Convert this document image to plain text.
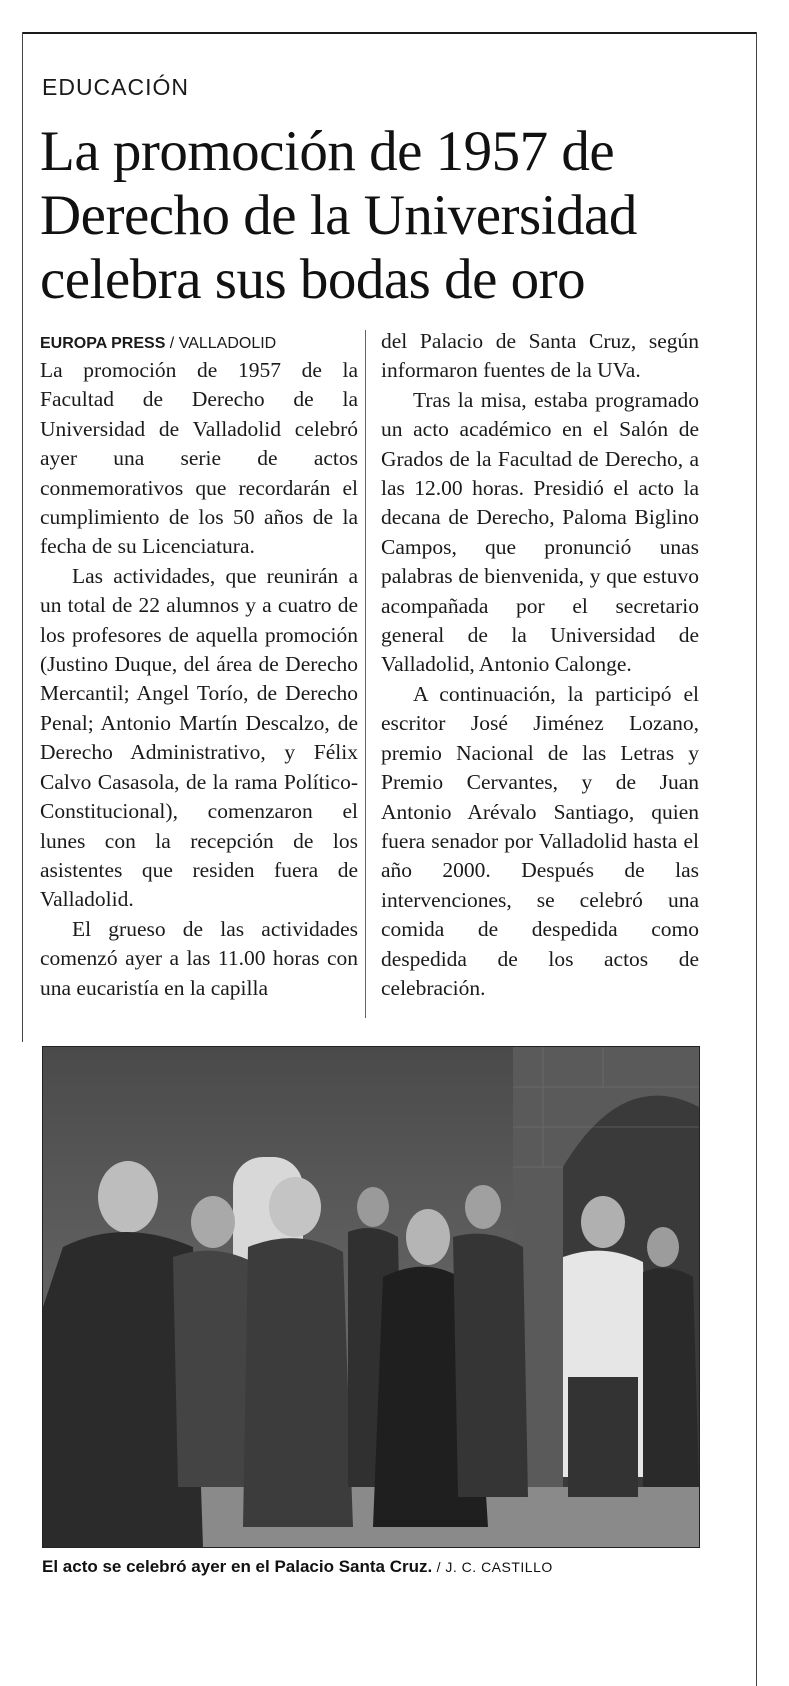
EDUCACIÓN
La promoción de 1957 de Derecho de la Universidad celebra sus bodas de oro
EUROPA PRESS / VALLADOLID

La promoción de 1957 de la Facultad de Derecho de la Universidad de Valladolid celebró ayer una serie de actos conmemorativos que recordarán el cumplimiento de los 50 años de la fecha de su Licenciatura.

Las actividades, que reunirán a un total de 22 alumnos y a cuatro de los profesores de aquella promoción (Justino Duque, del área de Derecho Mercantil; Angel Torío, de Derecho Penal; Antonio Martín Descalzo, de Derecho Administrativo, y Félix Calvo Casasola, de la rama Político-Constitucional), comenzaron el lunes con la recepción de los asistentes que residen fuera de Valladolid.

El grueso de las actividades comenzó ayer a las 11.00 horas con una eucaristía en la capilla

del Palacio de Santa Cruz, según informaron fuentes de la UVa.

Tras la misa, estaba programado un acto académico en el Salón de Grados de la Facultad de Derecho, a las 12.00 horas. Presidió el acto la decana de Derecho, Paloma Biglino Campos, que pronunció unas palabras de bienvenida, y que estuvo acompañada por el secretario general de la Universidad de Valladolid, Antonio Calonge.

A continuación, la participó el escritor José Jiménez Lozano, premio Nacional de las Letras y Premio Cervantes, y de Juan Antonio Arévalo Santiago, quien fuera senador por Valladolid hasta el año 2000. Después de las intervenciones, se celebró una comida de despedida como despedida de los actos de celebración.

El acto se celebró ayer en el Palacio Santa Cruz. / J. C. CASTILLO
